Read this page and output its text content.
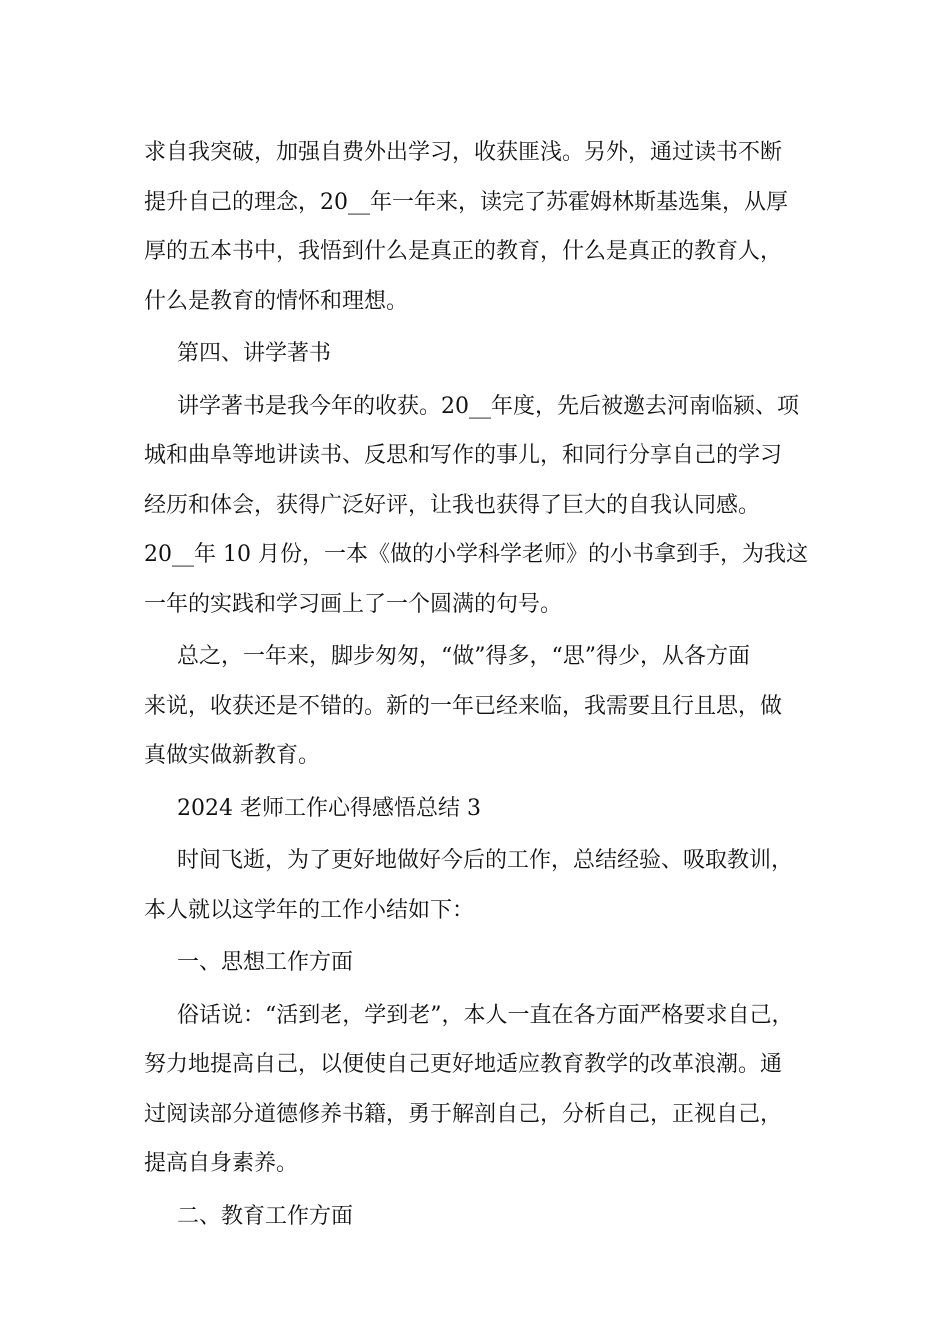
求自我突破，加强自费外出学习，收获匪浅。另外，通过读书不断

提升自己的理念，20__年一年来，读完了苏霍姆林斯基选集，从厚

厚的五本书中，我悟到什么是真正的教育，什么是真正的教育人，

什么是教育的情怀和理想。

第四、讲学著书

讲学著书是我今年的收获。20__年度，先后被邀去河南临颍、项

城和曲阜等地讲读书、反思和写作的事儿，和同行分享自己的学习

经历和体会，获得广泛好评，让我也获得了巨大的自我认同感。

20__年 10 月份，一本《做的小学科学老师》的小书拿到手，为我这

一年的实践和学习画上了一个圆满的句号。

总之，一年来，脚步匆匆，“做”得多，“思”得少，从各方面

来说，收获还是不错的。新的一年已经来临，我需要且行且思，做

真做实做新教育。

2024 老师工作心得感悟总结 3

时间飞逝，为了更好地做好今后的工作，总结经验、吸取教训，

本人就以这学年的工作小结如下：

一、思想工作方面

俗话说：“活到老，学到老”，本人一直在各方面严格要求自己，

努力地提高自己，以便使自己更好地适应教育教学的改革浪潮。通

过阅读部分道德修养书籍，勇于解剖自己，分析自己，正视自己，

提高自身素养。

二、教育工作方面
